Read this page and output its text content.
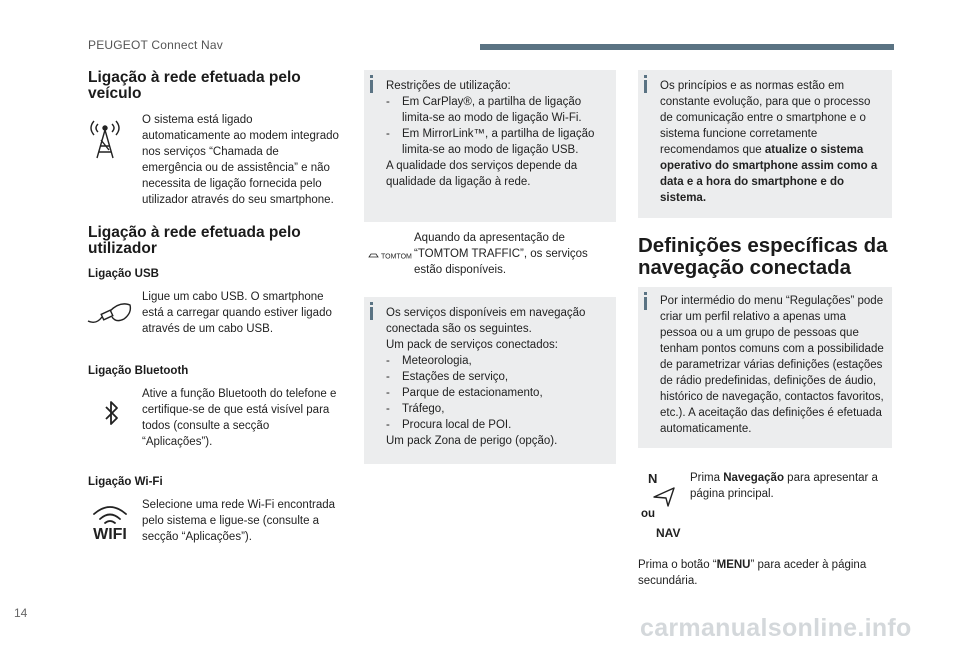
PEUGEOT Connect Nav
Ligação à rede efetuada pelo veículo
O sistema está ligado automaticamente ao modem integrado nos serviços “Chamada de emergência ou de assistência” e não necessita de ligação fornecida pelo utilizador através do seu smartphone.
Ligação à rede efetuada pelo utilizador
Ligação USB
Ligue um cabo USB. O smartphone está a carregar quando estiver ligado através de um cabo USB.
Ligação Bluetooth
Ative a função Bluetooth do telefone e certifique-se de que está visível para todos (consulte a secção “Aplicações”).
Ligação Wi-Fi
WIFI
Selecione uma rede Wi-Fi encontrada pelo sistema e ligue-se (consulte a secção “Aplicações”).
Restrições de utilização:
- Em CarPlay®, a partilha de ligação limita-se ao modo de ligação Wi-Fi.
- Em MirrorLink™, a partilha de ligação limita-se ao modo de ligação USB.
A qualidade dos serviços depende da qualidade da ligação à rede.
TOMTOM
Aquando da apresentação de “TOMTOM TRAFFIC”, os serviços estão disponíveis.
Os serviços disponíveis em navegação conectada são os seguintes.
Um pack de serviços conectados:
- Meteorologia,
- Estações de serviço,
- Parque de estacionamento,
- Tráfego,
- Procura local de POI.
Um pack Zona de perigo (opção).
Os princípios e as normas estão em constante evolução, para que o processo de comunicação entre o smartphone e o sistema funcione corretamente recomendamos que atualize o sistema operativo do smartphone assim como a data e a hora do smartphone e do sistema.
Definições específicas da navegação conectada
Por intermédio do menu “Regulações” pode criar um perfil relativo a apenas uma pessoa ou a um grupo de pessoas que tenham pontos comuns com a possibilidade de parametrizar várias definições (estações de rádio predefinidas, definições de áudio, histórico de navegação, contactos favoritos, etc.). A aceitação das definições é efetuada automaticamente.
N
ou
NAV
Prima Navegação para apresentar a página principal.
Prima o botão “MENU” para aceder à página secundária.
14
carmanualsonline.info
